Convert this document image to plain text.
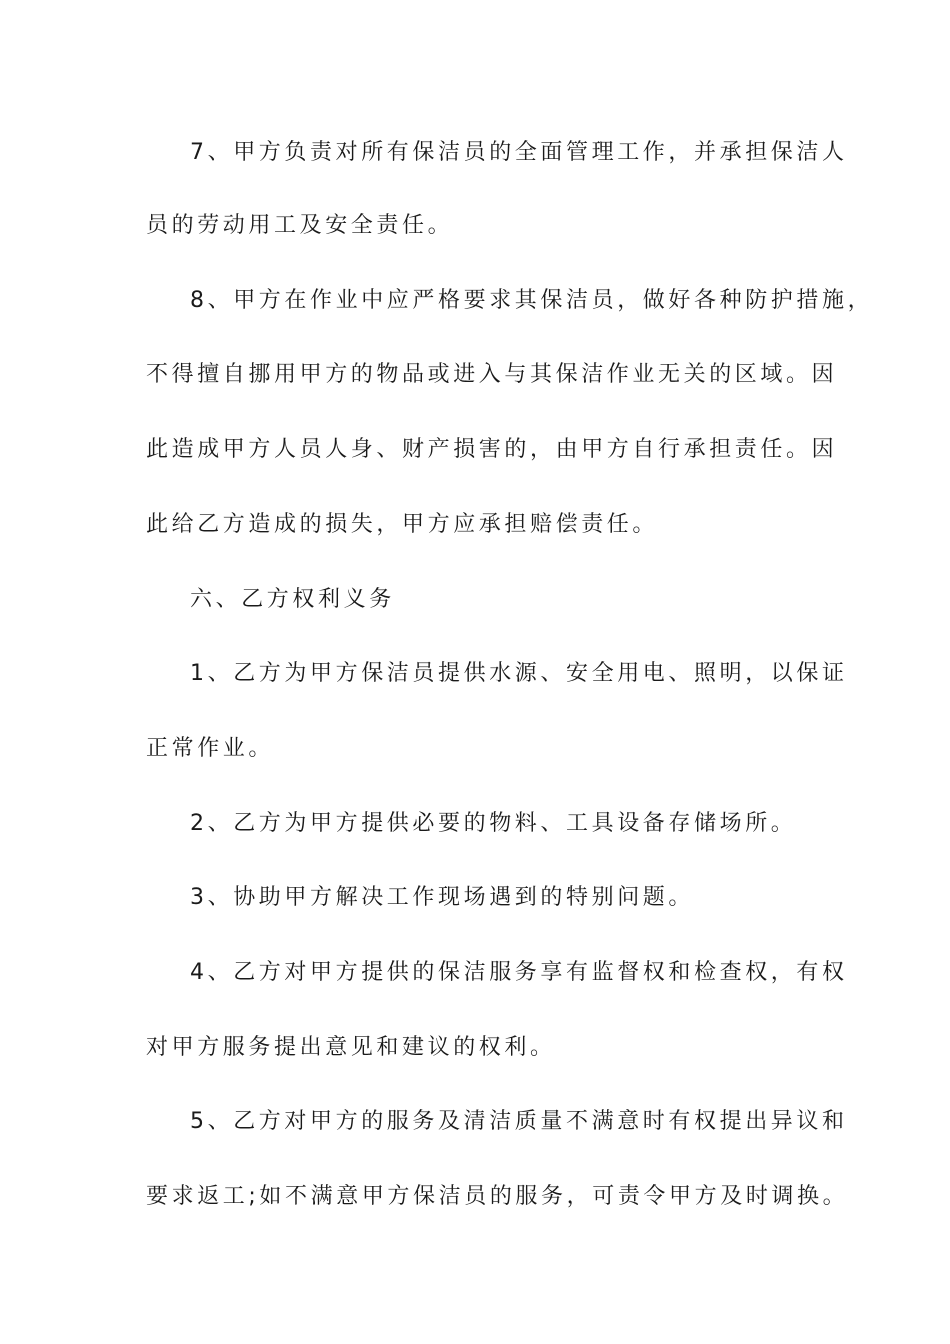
7、甲方负责对所有保洁员的全面管理工作，并承担保洁人
员的劳动用工及安全责任。
8、甲方在作业中应严格要求其保洁员，做好各种防护措施，
不得擅自挪用甲方的物品或进入与其保洁作业无关的区域。因
此造成甲方人员人身、财产损害的，由甲方自行承担责任。因
此给乙方造成的损失，甲方应承担赔偿责任。
六、乙方权利义务
1、乙方为甲方保洁员提供水源、安全用电、照明，以保证
正常作业。
2、乙方为甲方提供必要的物料、工具设备存储场所。
3、协助甲方解决工作现场遇到的特别问题。
4、乙方对甲方提供的保洁服务享有监督权和检查权，有权
对甲方服务提出意见和建议的权利。
5、乙方对甲方的服务及清洁质量不满意时有权提出异议和
要求返工;如不满意甲方保洁员的服务，可责令甲方及时调换。
